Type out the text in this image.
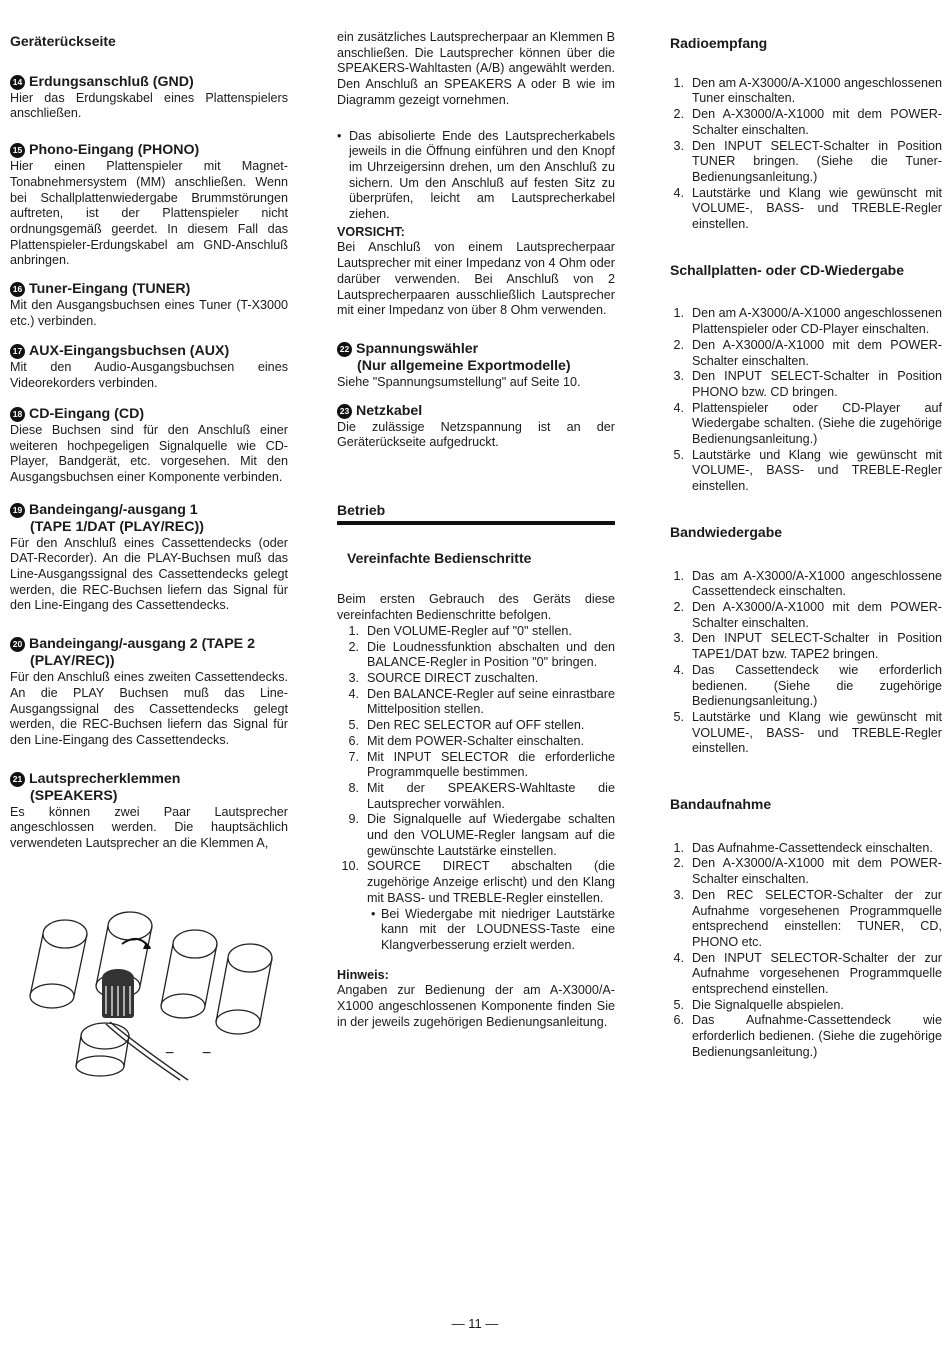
Geräterückseite
14 Erdungsanschluß (GND)

Hier das Erdungskabel eines Plattenspielers anschließen.

15 Phono-Eingang (PHONO)

Hier einen Plattenspieler mit Magnet-Tonabnehmersystem (MM) anschließen. Wenn bei Schallplattenwiedergabe Brummstörungen auftreten, ist der Plattenspieler nicht ordnungsgemäß geerdet. In diesem Fall das Plattenspieler-Erdungskabel am GND-Anschluß anbringen.

16 Tuner-Eingang (TUNER)

Mit den Ausgangsbuchsen eines Tuner (T-X3000 etc.) verbinden.

17 AUX-Eingangsbuchsen (AUX)

Mit den Audio-Ausgangsbuchsen eines Videorekorders verbinden.

18 CD-Eingang (CD)

Diese Buchsen sind für den Anschluß einer weiteren hochpegeligen Signalquelle wie CD-Player, Bandgerät, etc. vorgesehen. Mit den Ausgangsbuchsen einer Komponente verbinden.

19 Bandeingang/-ausgang 1
(TAPE 1/DAT (PLAY/REC))

Für den Anschluß eines Cassettendecks (oder DAT-Recorder). An die PLAY-Buchsen muß das Line-Ausgangssignal des Cassettendecks gelegt werden, die REC-Buchsen liefern das Signal für den Line-Eingang des Cassettendecks.

20 Bandeingang/-ausgang 2 (TAPE 2
(PLAY/REC))

Für den Anschluß eines zweiten Cassettendecks. An die PLAY Buchsen muß das Line-Ausgangssignal des Cassettendecks gelegt werden, die REC-Buchsen liefern das Signal für den Line-Eingang des Cassettendecks.

21 Lautsprecherklemmen
(SPEAKERS)

Es können zwei Paar Lautsprecher angeschlossen werden. Die hauptsächlich verwendeten Lautsprecher an die Klemmen A,

− −

ein zusätzliches Lautsprecherpaar an Klemmen B anschließen. Die Lautsprecher können über die SPEAKERS-Wahltasten (A/B) angewählt werden. Den Anschluß an SPEAKERS A oder B wie im Diagramm gezeigt vornehmen.

• Das abisolierte Ende des Lautsprecherkabels jeweils in die Öffnung einführen und den Knopf im Uhrzeigersinn drehen, um den Anschluß zu sichern. Um den Anschluß auf festen Sitz zu überprüfen, leicht am Lautsprecherkabel ziehen.

VORSICHT:

Bei Anschluß von einem Lautsprecherpaar Lautsprecher mit einer Impedanz von 4 Ohm oder darüber verwenden. Bei Anschluß von 2 Lautsprecherpaaren ausschließlich Lautsprecher mit einer Impedanz von über 8 Ohm verwenden.

22 Spannungswähler
(Nur allgemeine Exportmodelle)

Siehe "Spannungsumstellung" auf Seite 10.

23 Netzkabel

Die zulässige Netzspannung ist an der Geräterückseite aufgedruckt.

Betrieb
Vereinfachte Bedienschritte

Beim ersten Gebrauch des Geräts diese vereinfachten Bedienschritte befolgen.

1. Den VOLUME-Regler auf "0" stellen.
2. Die Loudnessfunktion abschalten und den BALANCE-Regler in Position "0" bringen.
3. SOURCE DIRECT zuschalten.
4. Den BALANCE-Regler auf seine einrastbare Mittelposition stellen.
5. Den REC SELECTOR auf OFF stellen.
6. Mit dem POWER-Schalter einschalten.
7. Mit INPUT SELECTOR die erforderliche Programmquelle bestimmen.
8. Mit der SPEAKERS-Wahltaste die Lautsprecher vorwählen.
9. Die Signalquelle auf Wiedergabe schalten und den VOLUME-Regler langsam auf die gewünschte Lautstärke einstellen.
10. SOURCE DIRECT abschalten (die zugehörige Anzeige erlischt) und den Klang mit BASS- und TREBLE-Regler einstellen.
• Bei Wiedergabe mit niedriger Lautstärke kann mit der LOUDNESS-Taste eine Klangverbesserung erzielt werden.

Hinweis:

Angaben zur Bedienung der am A-X3000/A-X1000 angeschlossenen Komponente finden Sie in der jeweils zugehörigen Bedienungsanleitung.

Radioempfang
1. Den am A-X3000/A-X1000 angeschlossenen Tuner einschalten.
2. Den A-X3000/A-X1000 mit dem POWER-Schalter einschalten.
3. Den INPUT SELECT-Schalter in Position TUNER bringen. (Siehe die Tuner-Bedienungsanleitung.)
4. Lautstärke und Klang wie gewünscht mit VOLUME-, BASS- und TREBLE-Regler einstellen.
Schallplatten- oder CD-Wiedergabe
1. Den am A-X3000/A-X1000 angeschlossenen Plattenspieler oder CD-Player einschalten.
2. Den A-X3000/A-X1000 mit dem POWER-Schalter einschalten.
3. Den INPUT SELECT-Schalter in Position PHONO bzw. CD bringen.
4. Plattenspieler oder CD-Player auf Wiedergabe schalten. (Siehe die zugehörige Bedienungsanleitung.)
5. Lautstärke und Klang wie gewünscht mit VOLUME-, BASS- und TREBLE-Regler einstellen.
Bandwiedergabe
1. Das am A-X3000/A-X1000 angeschlossene Cassettendeck einschalten.
2. Den A-X3000/A-X1000 mit dem POWER-Schalter einschalten.
3. Den INPUT SELECT-Schalter in Position TAPE1/DAT bzw. TAPE2 bringen.
4. Das Cassettendeck wie erforderlich bedienen. (Siehe die zugehörige Bedienungsanleitung.)
5. Lautstärke und Klang wie gewünscht mit VOLUME-, BASS- und TREBLE-Regler einstellen.
Bandaufnahme
1. Das Aufnahme-Cassettendeck einschalten.
2. Den A-X3000/A-X1000 mit dem POWER-Schalter einschalten.
3. Den REC SELECTOR-Schalter der zur Aufnahme vorgesehenen Programmquelle entsprechend einstellen: TUNER, CD, PHONO etc.
4. Den INPUT SELECTOR-Schalter der zur Aufnahme vorgesehenen Programmquelle entsprechend einstellen.
5. Die Signalquelle abspielen.
6. Das Aufnahme-Cassettendeck wie erforderlich bedienen. (Siehe die zugehörige Bedienungsanleitung.)
— 11 —
